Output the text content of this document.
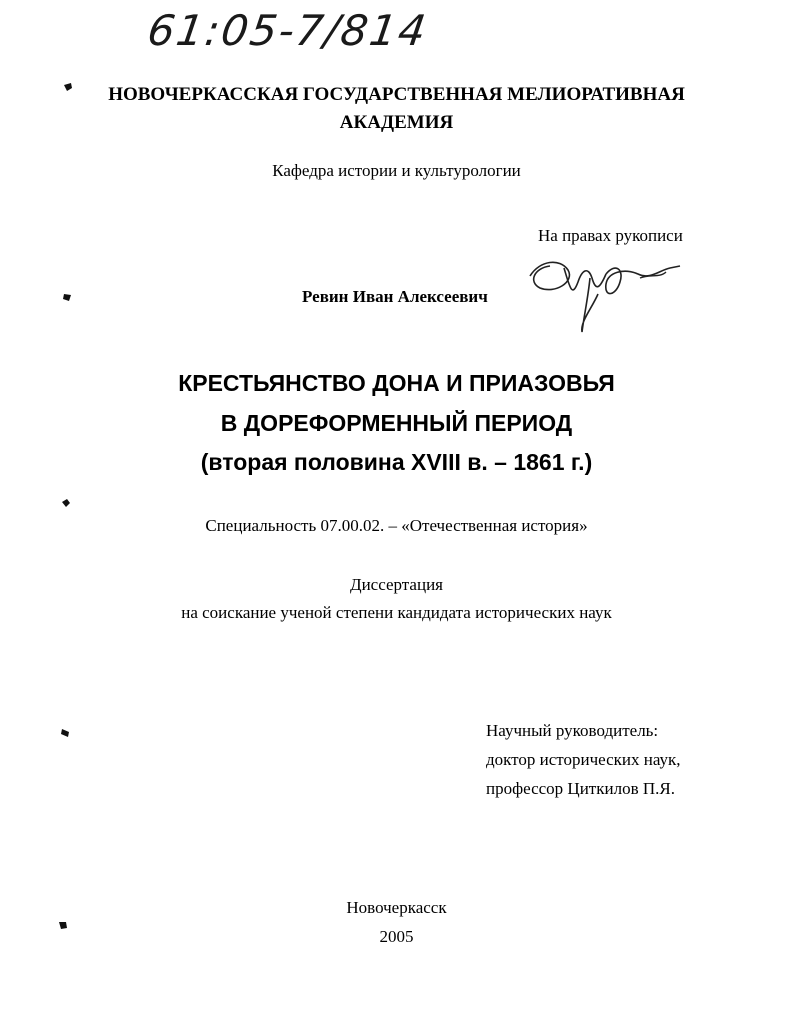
61:05-7/814
НОВОЧЕРКАССКАЯ ГОСУДАРСТВЕННАЯ МЕЛИОРАТИВНАЯ
АКАДЕМИЯ
Кафедра истории и культурологии
На правах рукописи
Ревин Иван Алексеевич
КРЕСТЬЯНСТВО ДОНА И ПРИАЗОВЬЯ
В ДОРЕФОРМЕННЫЙ ПЕРИОД
(вторая половина XVIII в. – 1861 г.)
Специальность 07.00.02. – «Отечественная история»
Диссертация
на соискание ученой степени кандидата исторических наук
Научный руководитель:
доктор исторических наук,
профессор Циткилов П.Я.
Новочеркасск
2005
